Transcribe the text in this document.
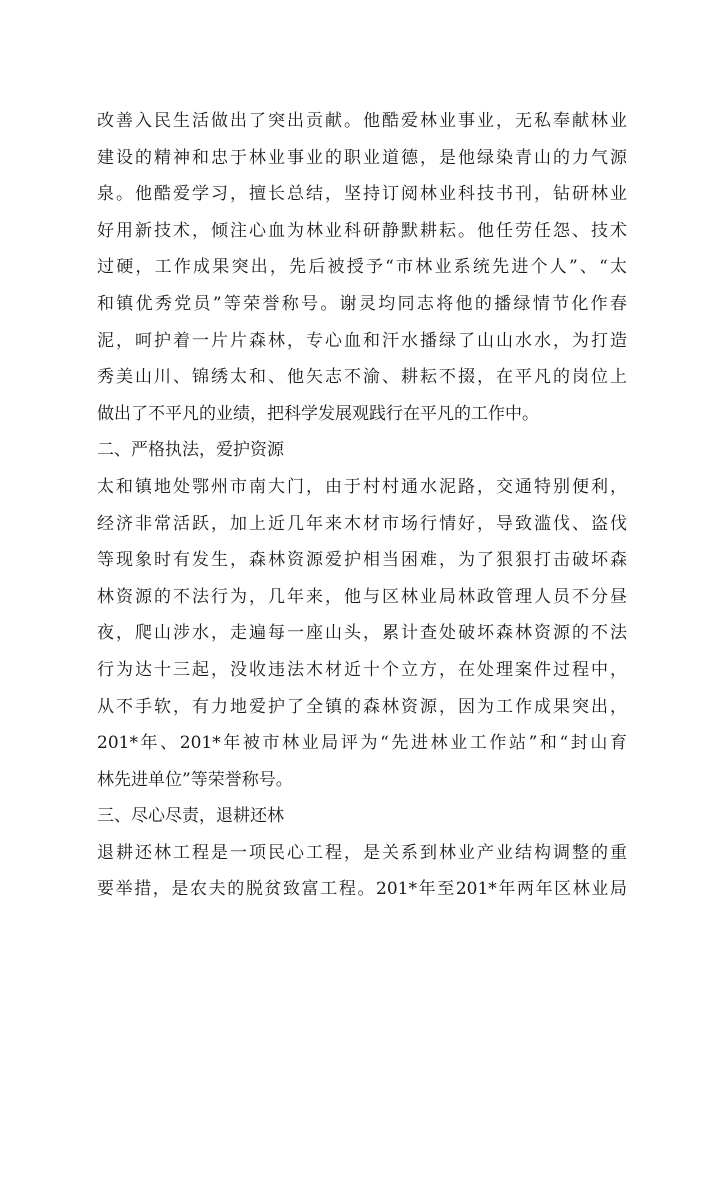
改善入民生活做出了突出贡献。他酷爱林业事业，无私奉献林业
建设的精神和忠于林业事业的职业道德，是他绿染青山的力气源
泉。他酷爱学习，擅长总结，坚持订阅林业科技书刊，钻研林业
好用新技术，倾注心血为林业科研静默耕耘。他任劳任怨、技术
过硬，工作成果突出，先后被授予“市林业系统先进个人”、“太
和镇优秀党员”等荣誉称号。谢灵均同志将他的播绿情节化作春
泥，呵护着一片片森林，专心血和汗水播绿了山山水水，为打造
秀美山川、锦绣太和、他矢志不渝、耕耘不掇，在平凡的岗位上
做出了不平凡的业绩，把科学发展观践行在平凡的工作中。
二、严格执法，爱护资源
太和镇地处鄂州市南大门，由于村村通水泥路，交通特别便利，
经济非常活跃，加上近几年来木材市场行情好，导致滥伐、盗伐
等现象时有发生，森林资源爱护相当困难，为了狠狠打击破坏森
林资源的不法行为，几年来，他与区林业局林政管理人员不分昼
夜，爬山涉水，走遍每一座山头，累计查处破坏森林资源的不法
行为达十三起，没收违法木材近十个立方，在处理案件过程中，
从不手软，有力地爱护了全镇的森林资源，因为工作成果突出，
201*年、201*年被市林业局评为“先进林业工作站”和“封山育
林先进单位”等荣誉称号。
三、尽心尽责，退耕还林
退耕还林工程是一项民心工程，是关系到林业产业结构调整的重
要举措，是农夫的脱贫致富工程。201*年至201*年两年区林业局
